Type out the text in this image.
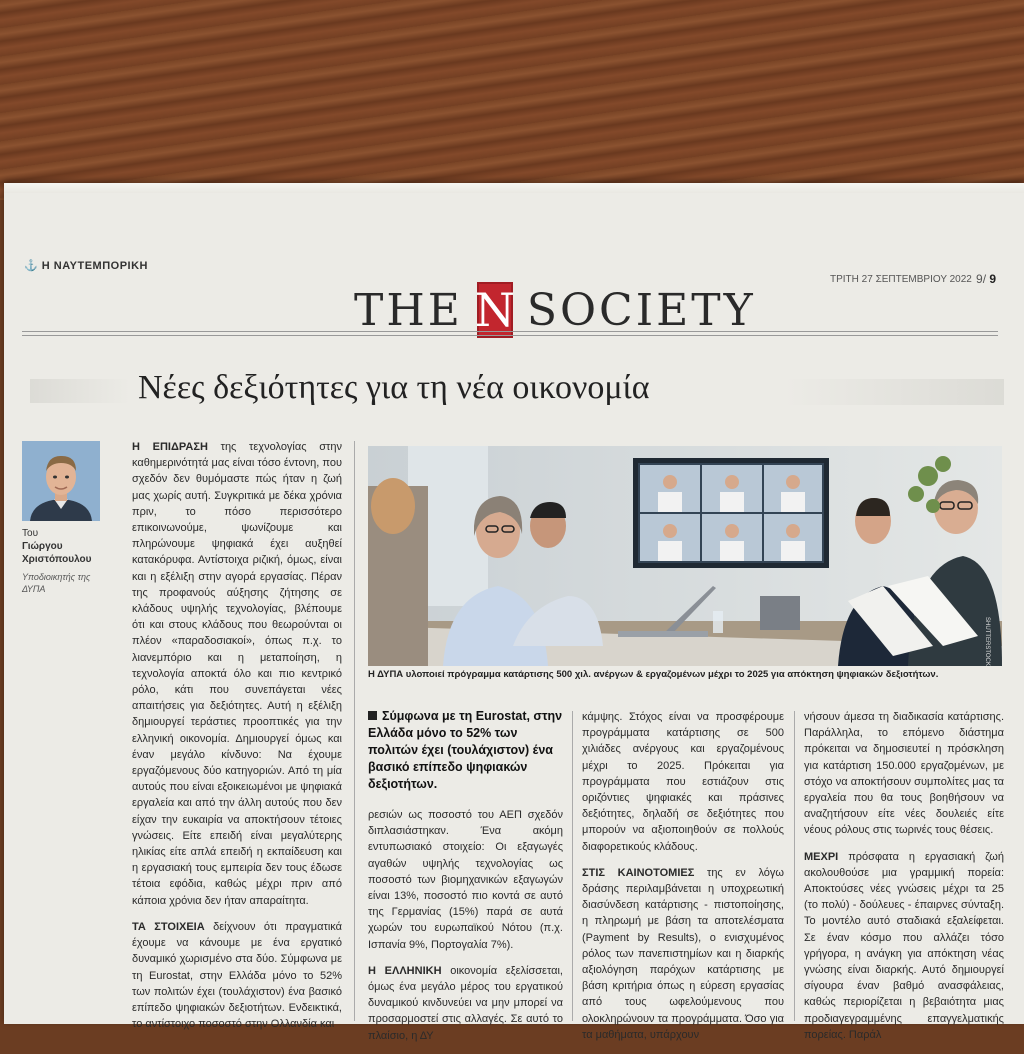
⚓ Η ΝΑΥΤΕΜΠΟΡΙΚΗ
ΤΡΙΤΗ 27 ΣΕΠΤΕΜΒΡΙΟΥ 2022 9/ 9
THE N SOCIETY
Νέες δεξιότητες για τη νέα οικονομία
Του
Γιώργου
Χριστόπουλου
Υποδιοικητής της ΔΥΠΑ

Η ΕΠΙΔΡΑΣΗ της τεχνολογίας στην καθημερινότητά μας είναι τόσο έντονη, που σχεδόν δεν θυμόμαστε πώς ήταν η ζωή μας χωρίς αυτή. Συγκριτικά με δέκα χρόνια πριν, το πόσο περισσότερο επικοινωνούμε, ψωνίζουμε και πληρώνουμε ψηφιακά έχει αυξηθεί κατακόρυφα. Αντίστοιχα ριζική, όμως, είναι και η εξέλιξη στην αγορά εργασίας. Πέραν της προφανούς αύξησης ζήτησης σε κλάδους υψηλής τεχνολογίας, βλέπουμε ότι και στους κλάδους που θεωρούνται οι πλέον «παραδοσιακοί», όπως π.χ. το λιανεμπόριο και η μεταποίηση, η τεχνολογία αποκτά όλο και πιο κεντρικό ρόλο, κάτι που συνεπάγεται νέες απαιτήσεις για δεξιότητες. Αυτή η εξέλιξη δημιουργεί τεράστιες προοπτικές για την ελληνική οικονομία. Δημιουργεί όμως και έναν μεγάλο κίνδυνο: Να έχουμε εργαζόμενους δύο κατηγοριών. Από τη μία αυτούς που είναι εξοικειωμένοι με ψηφιακά εργαλεία και από την άλλη αυτούς που δεν είχαν την ευκαιρία να αποκτήσουν τέτοιες γνώσεις. Είτε επειδή είναι μεγαλύτερης ηλικίας είτε απλά επειδή η εκπαίδευση και η εργασιακή τους εμπειρία δεν τους έδωσε τέτοια εφόδια, καθώς μέχρι πριν από κάποια χρόνια δεν ήταν απαραίτητα.

ΤΑ ΣΤΟΙΧΕΙΑ δείχνουν ότι πραγματικά έχουμε να κάνουμε με ένα εργατικό δυναμικό χωρισμένο στα δύο. Σύμφωνα με τη Eurostat, στην Ελλάδα μόνο το 52% των πολιτών έχει (τουλάχιστον) ένα βασικό επίπεδο ψηφιακών δεξιοτήτων. Ενδεικτικά, το αντίστοιχο ποσοστό στην Ολλανδία και

SHUTTERSTOCK
Η ΔΥΠΑ υλοποιεί πρόγραμμα κατάρτισης 500 χιλ. ανέργων & εργαζομένων μέχρι το 2025 για απόκτηση ψηφιακών δεξιοτήτων.
Σύμφωνα με τη Eurostat, στην Ελλάδα μόνο το 52% των πολιτών έχει (τουλάχιστον) ένα βασικό επίπεδο ψηφιακών δεξιοτήτων.

ρεσιών ως ποσοστό του ΑΕΠ σχεδόν διπλασιάστηκαν. Ένα ακόμη εντυπωσιακό στοιχείο: Οι εξαγωγές αγαθών υψηλής τεχνολογίας ως ποσοστό των βιομηχανικών εξαγωγών είναι 13%, ποσοστό πιο κοντά σε αυτό της Γερμανίας (15%) παρά σε αυτά χωρών του ευρωπαϊκού Νότου (π.χ. Ισπανία 9%, Πορτογαλία 7%).

Η ΕΛΛΗΝΙΚΗ οικονομία εξελίσσεται, όμως ένα μεγάλο μέρος του εργατικού δυναμικού κινδυνεύει να μην μπορεί να προσαρμοστεί στις αλλαγές. Σε αυτό το πλαίσιο, η ΔΥ

κάμψης. Στόχος είναι να προσφέρουμε προγράμματα κατάρτισης σε 500 χιλιάδες ανέργους και εργαζομένους μέχρι το 2025. Πρόκειται για προγράμματα που εστιάζουν στις οριζόντιες ψηφιακές και πράσινες δεξιότητες, δηλαδή σε δεξιότητες που μπορούν να αξιοποιηθούν σε πολλούς διαφορετικούς κλάδους.

ΣΤΙΣ ΚΑΙΝΟΤΟΜΙΕΣ της εν λόγω δράσης περιλαμβάνεται η υποχρεωτική διασύνδεση κατάρτισης - πιστοποίησης, η πληρωμή με βάση τα αποτελέσματα (Payment by Results), ο ενισχυμένος ρόλος των πανεπιστημίων και η διαρκής αξιολόγηση παρόχων κατάρτισης με βάση κριτήρια όπως η εύρεση εργασίας από τους ωφελούμενους που ολοκληρώνουν τα προγράμματα. Όσο για τα μαθήματα, υπάρχουν

νήσουν άμεσα τη διαδικασία κατάρτισης. Παράλληλα, το επόμενο διάστημα πρόκειται να δημοσιευτεί η πρόσκληση για κατάρτιση 150.000 εργαζομένων, με στόχο να αποκτήσουν συμπολίτες μας τα εργαλεία που θα τους βοηθήσουν να αναζητήσουν είτε νέες δουλειές είτε νέους ρόλους στις τωρινές τους θέσεις.

ΜΕΧΡΙ πρόσφατα η εργασιακή ζωή ακολουθούσε μια γραμμική πορεία: Αποκτούσες νέες γνώσεις μέχρι τα 25 (το πολύ) - δούλευες - έπαιρνες σύνταξη. Το μοντέλο αυτό σταδιακά εξαλείφεται. Σε έναν κόσμο που αλλάζει τόσο γρήγορα, η ανάγκη για απόκτηση νέας γνώσης είναι διαρκής. Αυτό δημιουργεί σίγουρα έναν βαθμό ανασφάλειας, καθώς περιορίζεται η βεβαιότητα μιας προδιαγεγραμμένης επαγγελματικής πορείας. Παράλ
